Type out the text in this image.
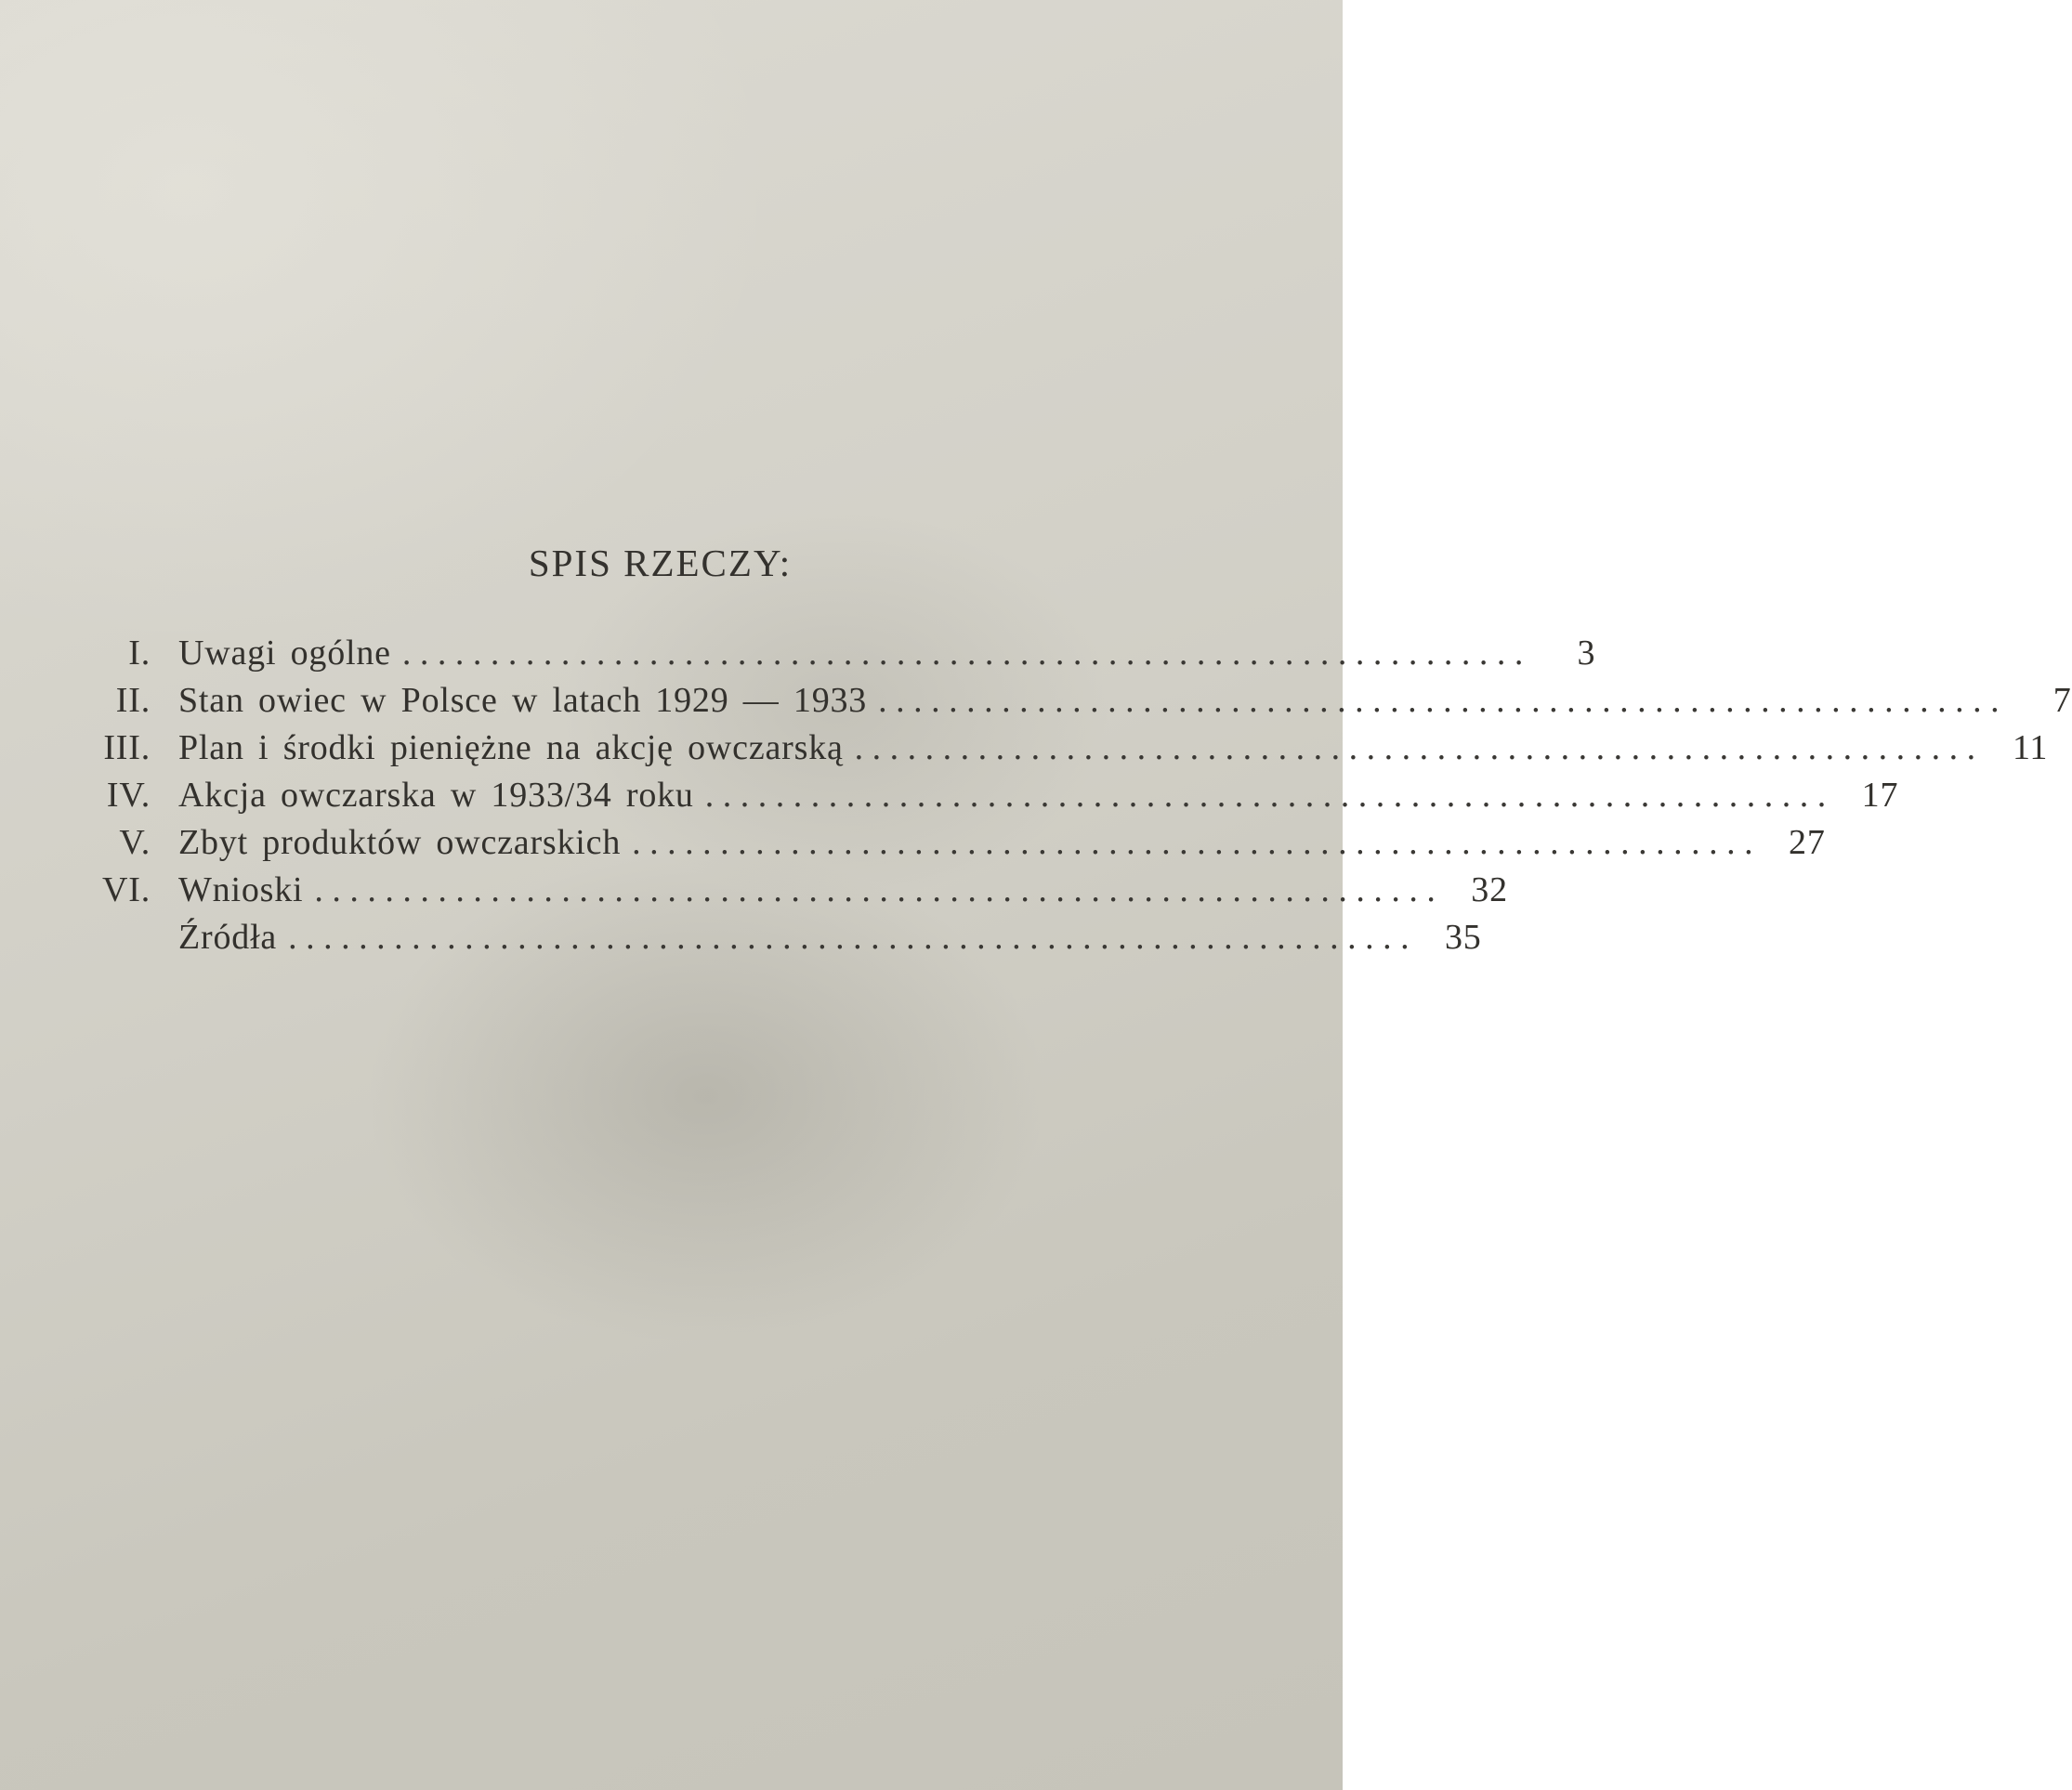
SPIS RZECZY:
I. Uwagi ogólne . . . . . . . . . . . . . . . . . . . . . . . . . . . . . . . . . . . . . . . . . . . . . . . . . . . . . . . . . . . . . . . .	3
II. Stan owiec w Polsce w latach 1929 — 1933 . . . . . . . . . . . . . . . . . . . . . . . . . . . . . . . . . . . . . . . . . . . . . . . . . . . . . . . . . . . . . . . .	7
III. Plan i środki pieniężne na akcję owczarską . . . . . . . . . . . . . . . . . . . . . . . . . . . . . . . . . . . . . . . . . . . . . . . . . . . . . . . . . . . . . . . .	11
IV. Akcja owczarska w 1933/34 roku . . . . . . . . . . . . . . . . . . . . . . . . . . . . . . . . . . . . . . . . . . . . . . . . . . . . . . . . . . . . . . . .	17
V. Zbyt produktów owczarskich . . . . . . . . . . . . . . . . . . . . . . . . . . . . . . . . . . . . . . . . . . . . . . . . . . . . . . . . . . . . . . . .	27
VI. Wnioski . . . . . . . . . . . . . . . . . . . . . . . . . . . . . . . . . . . . . . . . . . . . . . . . . . . . . . . . . . . . . . . .	32
Źródła . . . . . . . . . . . . . . . . . . . . . . . . . . . . . . . . . . . . . . . . . . . . . . . . . . . . . . . . . . . . . . . .	35
